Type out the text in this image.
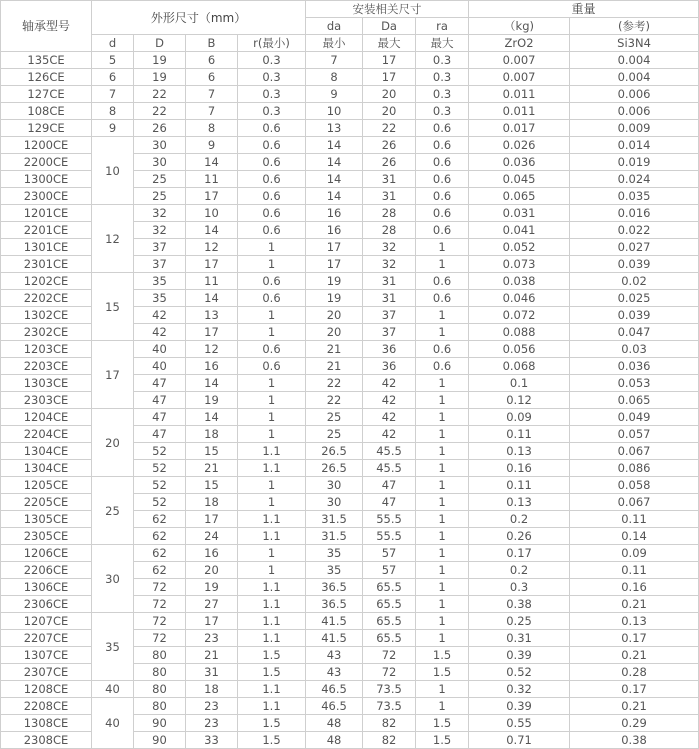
轴承型号	外形尺寸（mm）				安装相关尺寸			重量	
					da	Da	ra	（kg)	(参考)
	d	D	B	r(最小)	最小	最大	最大	ZrO2	Si3N4
135CE	5	19	6	0.3	7	17	0.3	0.007	0.004
126CE	6	19	6	0.3	8	17	0.3	0.007	0.004
127CE	7	22	7	0.3	9	20	0.3	0.011	0.006
108CE	8	22	7	0.3	10	20	0.3	0.011	0.006
129CE	9	26	8	0.6	13	22	0.6	0.017	0.009
1200CE	10	30	9	0.6	14	26	0.6	0.026	0.014
2200CE		30	14	0.6	14	26	0.6	0.036	0.019
1300CE		25	11	0.6	14	31	0.6	0.045	0.024
2300CE		25	17	0.6	14	31	0.6	0.065	0.035
1201CE	12	32	10	0.6	16	28	0.6	0.031	0.016
2201CE		32	14	0.6	16	28	0.6	0.041	0.022
1301CE		37	12	1	17	32	1	0.052	0.027
2301CE		37	17	1	17	32	1	0.073	0.039
1202CE	15	35	11	0.6	19	31	0.6	0.038	0.02
2202CE		35	14	0.6	19	31	0.6	0.046	0.025
1302CE		42	13	1	20	37	1	0.072	0.039
2302CE		42	17	1	20	37	1	0.088	0.047
1203CE	17	40	12	0.6	21	36	0.6	0.056	0.03
2203CE		40	16	0.6	21	36	0.6	0.068	0.036
1303CE		47	14	1	22	42	1	0.1	0.053
2303CE		47	19	1	22	42	1	0.12	0.065
1204CE	20	47	14	1	25	42	1	0.09	0.049
2204CE		47	18	1	25	42	1	0.11	0.057
1304CE		52	15	1.1	26.5	45.5	1	0.13	0.067
1304CE		52	21	1.1	26.5	45.5	1	0.16	0.086
1205CE	25	52	15	1	30	47	1	0.11	0.058
2205CE		52	18	1	30	47	1	0.13	0.067
1305CE		62	17	1.1	31.5	55.5	1	0.2	0.11
2305CE		62	24	1.1	31.5	55.5	1	0.26	0.14
1206CE	30	62	16	1	35	57	1	0.17	0.09
2206CE		62	20	1	35	57	1	0.2	0.11
1306CE		72	19	1.1	36.5	65.5	1	0.3	0.16
2306CE		72	27	1.1	36.5	65.5	1	0.38	0.21
1207CE	35	72	17	1.1	41.5	65.5	1	0.25	0.13
2207CE		72	23	1.1	41.5	65.5	1	0.31	0.17
1307CE		80	21	1.5	43	72	1.5	0.39	0.21
2307CE		80	31	1.5	43	72	1.5	0.52	0.28
1208CE	40	80	18	1.1	46.5	73.5	1	0.32	0.17
2208CE	40	80	23	1.1	46.5	73.5	1	0.39	0.21
1308CE		90	23	1.5	48	82	1.5	0.55	0.29
2308CE		90	33	1.5	48	82	1.5	0.71	0.38
